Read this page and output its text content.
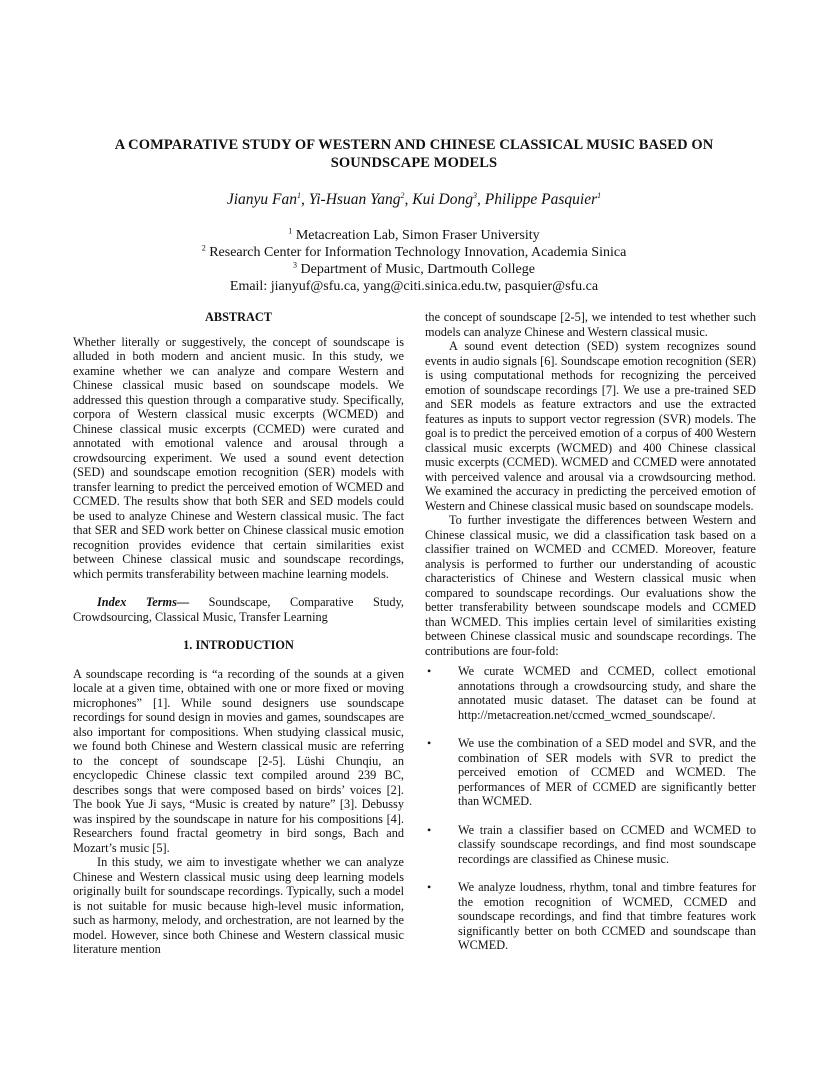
A COMPARATIVE STUDY OF WESTERN AND CHINESE CLASSICAL MUSIC BASED ON
SOUNDSCAPE MODELS
Jianyu Fan$^1$, Yi-Hsuan Yang$^2$, Kui Dong$^3$, Philippe Pasquier$^1$
$^1$ Metacreation Lab, Simon Fraser University
$^2$ Research Center for Information Technology Innovation, Academia Sinica
$^3$ Department of Music, Dartmouth College
Email: jianyuf@sfu.ca, yang@citi.sinica.edu.tw, pasquier@sfu.ca

ABSTRACT

Whether literally or suggestively, the concept of soundscape is alluded in both modern and ancient music. In this study, we examine whether we can analyze and compare Western and Chinese classical music based on soundscape models. We addressed this question through a comparative study. Specifically, corpora of Western classical music excerpts (WCMED) and Chinese classical music excerpts (CCMED) were curated and annotated with emotional valence and arousal through a crowdsourcing experiment. We used a sound event detection (SED) and soundscape emotion recognition (SER) models with transfer learning to predict the perceived emotion of WCMED and CCMED. The results show that both SER and SED models could be used to analyze Chinese and Western classical music. The fact that SER and SED work better on Chinese classical music emotion recognition provides evidence that certain similarities exist between Chinese classical music and soundscape recordings, which permits transferability between machine learning models.

Index Terms— Soundscape, Comparative Study, Crowdsourcing, Classical Music, Transfer Learning

1. INTRODUCTION

A soundscape recording is “a recording of the sounds at a given locale at a given time, obtained with one or more fixed or moving microphones” [1]. While sound designers use soundscape recordings for sound design in movies and games, soundscapes are also important for compositions. When studying classical music, we found both Chinese and Western classical music are referring to the concept of soundscape [2-5]. Lüshi Chunqiu, an encyclopedic Chinese classic text compiled around 239 BC, describes songs that were composed based on birds’ voices [2]. The book Yue Ji says, “Music is created by nature” [3]. Debussy was inspired by the soundscape in nature for his compositions [4]. Researchers found fractal geometry in bird songs, Bach and Mozart’s music [5].

In this study, we aim to investigate whether we can analyze Chinese and Western classical music using deep learning models originally built for soundscape recordings. Typically, such a model is not suitable for music because high-level music information, such as harmony, melody, and orchestration, are not learned by the model. However, since both Chinese and Western classical music literature mention

the concept of soundscape [2-5], we intended to test whether such models can analyze Chinese and Western classical music.

A sound event detection (SED) system recognizes sound events in audio signals [6]. Soundscape emotion recognition (SER) is using computational methods for recognizing the perceived emotion of soundscape recordings [7]. We use a pre-trained SED and SER models as feature extractors and use the extracted features as inputs to support vector regression (SVR) models. The goal is to predict the perceived emotion of a corpus of 400 Western classical music excerpts (WCMED) and 400 Chinese classical music excerpts (CCMED). WCMED and CCMED were annotated with perceived valence and arousal via a crowdsourcing method. We examined the accuracy in predicting the perceived emotion of Western and Chinese classical music based on soundscape models.

To further investigate the differences between Western and Chinese classical music, we did a classification task based on a classifier trained on WCMED and CCMED. Moreover, feature analysis is performed to further our understanding of acoustic characteristics of Chinese and Western classical music when compared to soundscape recordings. Our evaluations show the better transferability between soundscape models and CCMED than WCMED. This implies certain level of similarities existing between Chinese classical music and soundscape recordings. The contributions are four-fold:

• We curate WCMED and CCMED, collect emotional annotations through a crowdsourcing study, and share the annotated music dataset. The dataset can be found at http://metacreation.net/ccmed_wcmed_soundscape/.
• We use the combination of a SED model and SVR, and the combination of SER models with SVR to predict the perceived emotion of CCMED and WCMED. The performances of MER of CCMED are significantly better than WCMED.
• We train a classifier based on CCMED and WCMED to classify soundscape recordings, and find most soundscape recordings are classified as Chinese music.
• We analyze loudness, rhythm, tonal and timbre features for the emotion recognition of WCMED, CCMED and soundscape recordings, and find that timbre features work significantly better on both CCMED and soundscape than WCMED.
